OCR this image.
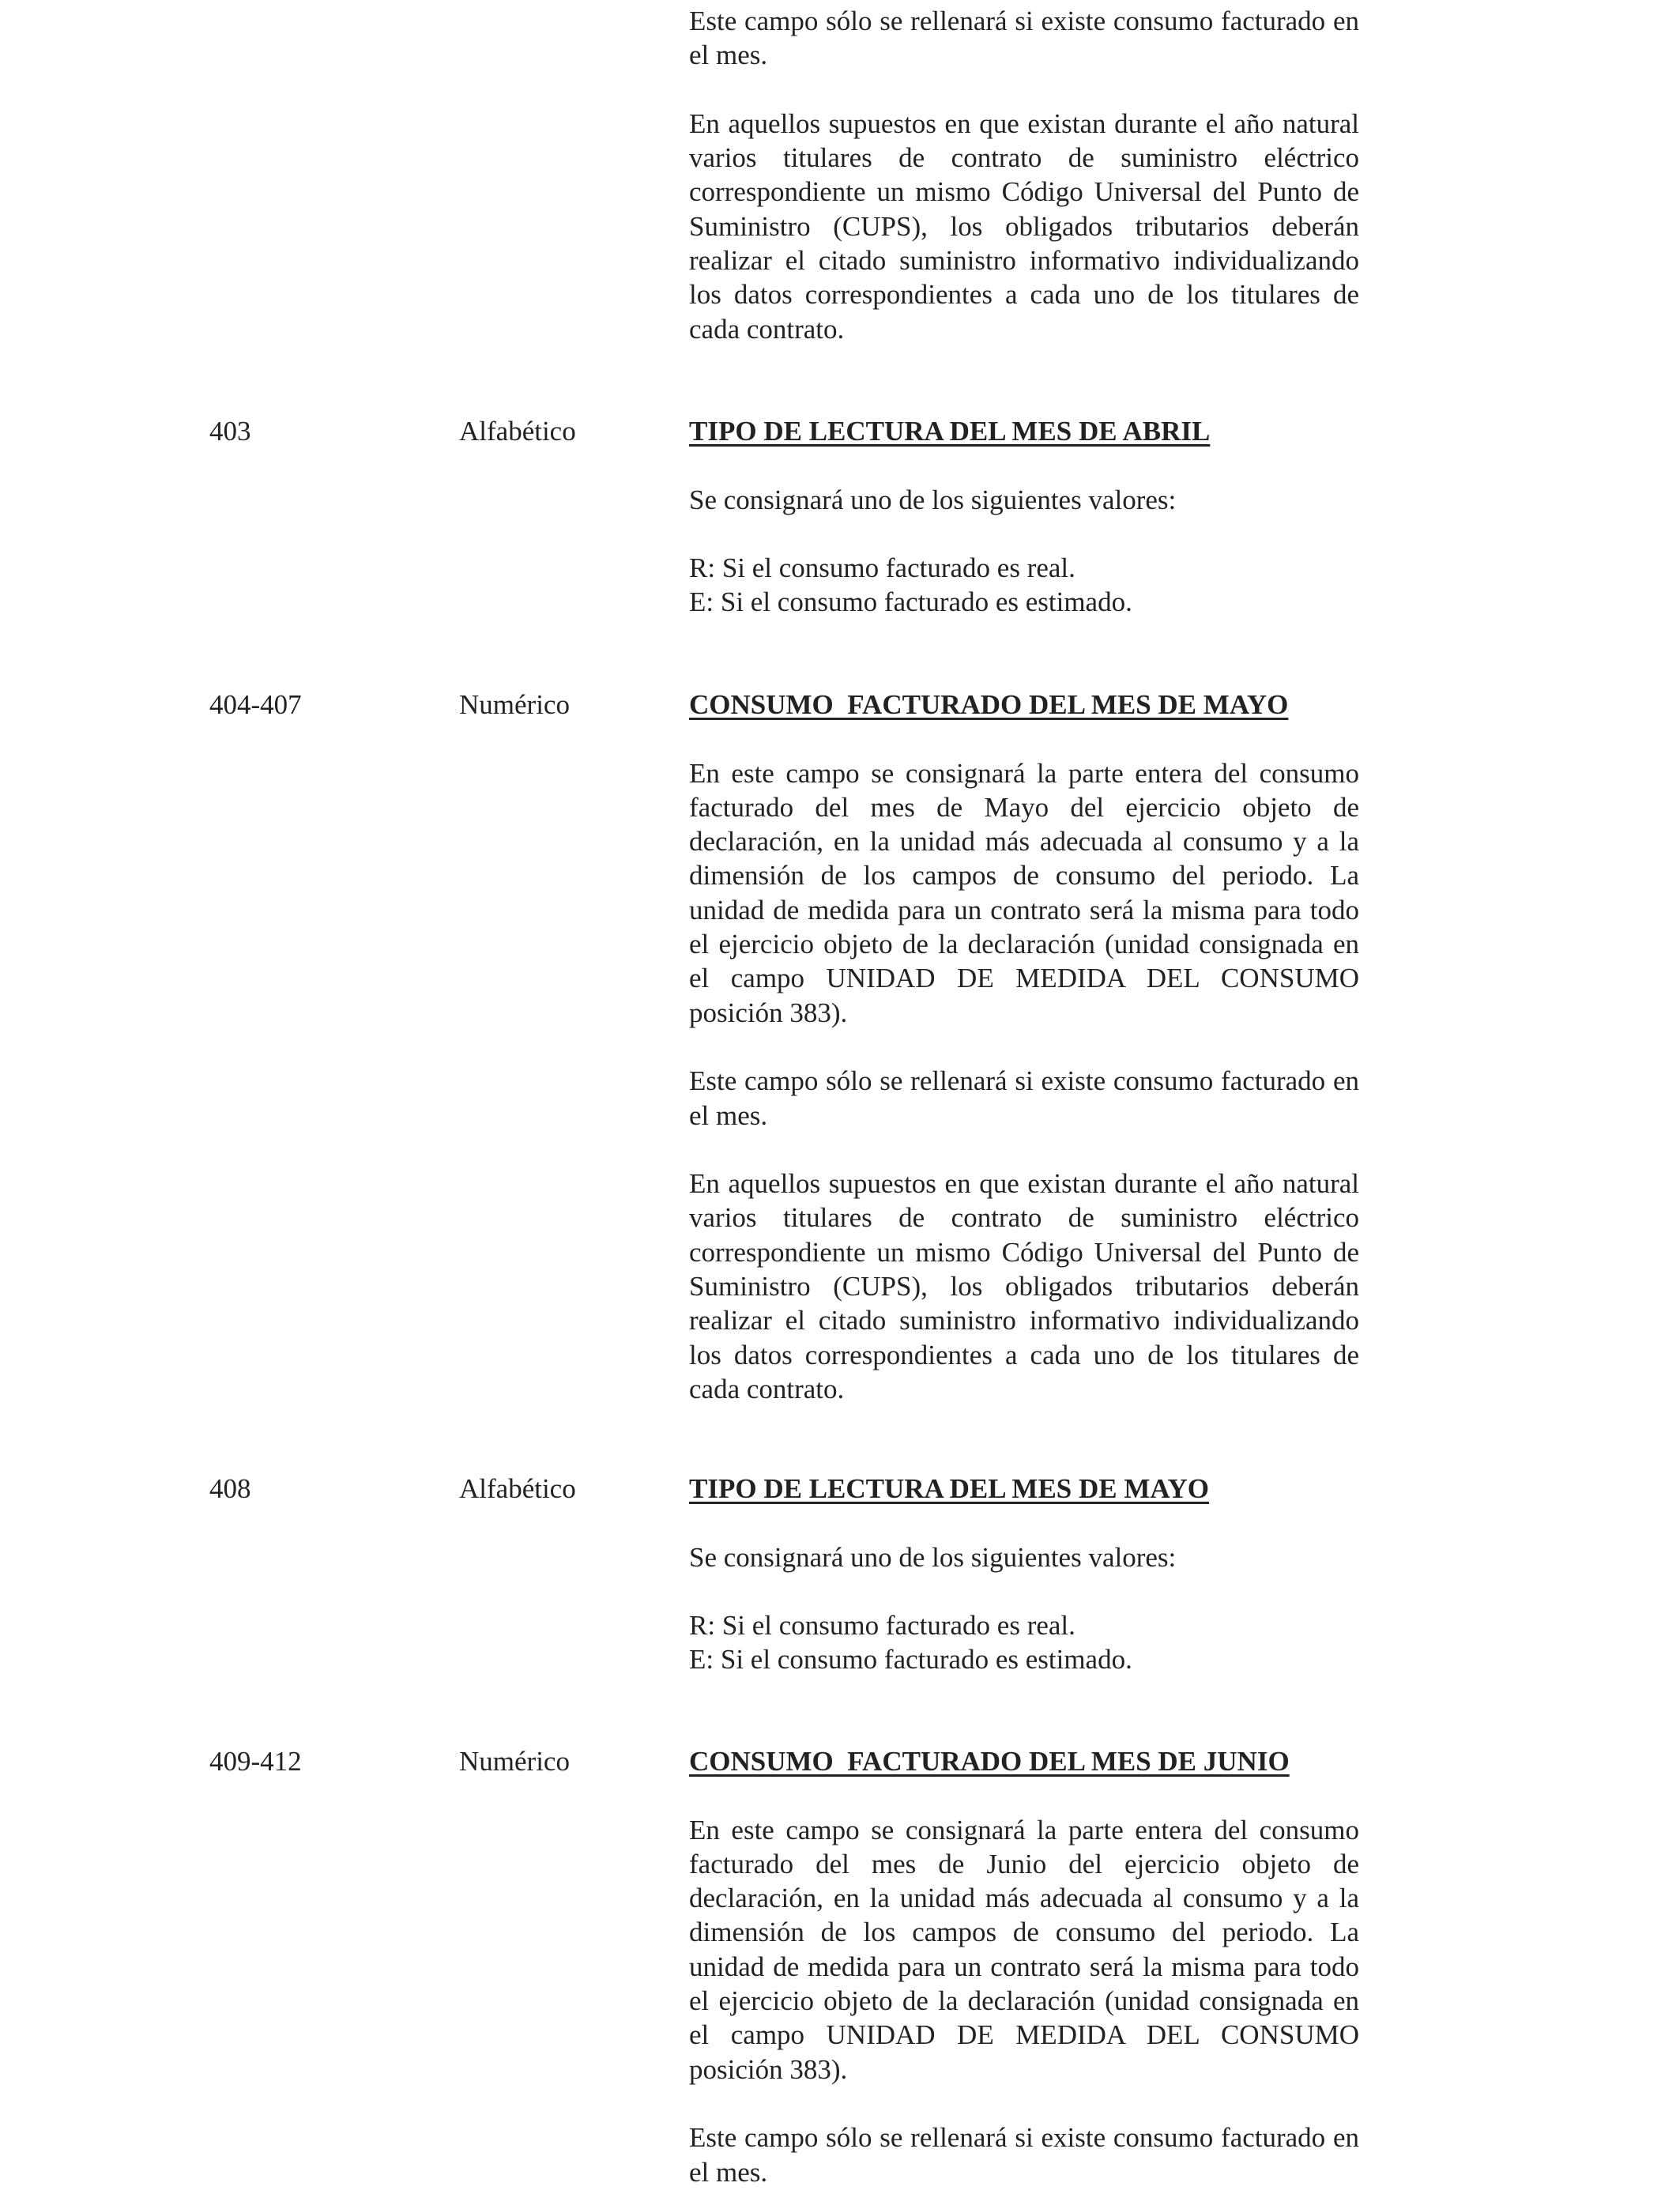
Este campo sólo se rellenará si existe consumo facturado en el mes.

En aquellos supuestos en que existan durante el año natural varios titulares de contrato de suministro eléctrico correspondiente un mismo Código Universal del Punto de Suministro (CUPS), los obligados tributarios deberán realizar el citado suministro informativo individualizando los datos correspondientes a cada uno de los titulares de cada contrato.

403	Alfabético	TIPO DE LECTURA DEL MES DE ABRIL

Se consignará uno de los siguientes valores:

R: Si el consumo facturado es real.
E: Si el consumo facturado es estimado.
404-407	Numérico	CONSUMO  FACTURADO DEL MES DE MAYO

En este campo se consignará la parte entera del consumo facturado del mes de Mayo del ejercicio objeto de declaración, en la unidad más adecuada al consumo y a la dimensión de los campos de consumo del periodo. La unidad de medida para un contrato será la misma para todo el ejercicio objeto de la declaración (unidad consignada en el campo UNIDAD DE MEDIDA DEL CONSUMO posición 383).

Este campo sólo se rellenará si existe consumo facturado en el mes.

En aquellos supuestos en que existan durante el año natural varios titulares de contrato de suministro eléctrico correspondiente un mismo Código Universal del Punto de Suministro (CUPS), los obligados tributarios deberán realizar el citado suministro informativo individualizando los datos correspondientes a cada uno de los titulares de cada contrato.

408	Alfabético	TIPO DE LECTURA DEL MES DE MAYO

Se consignará uno de los siguientes valores:

R: Si el consumo facturado es real.
E: Si el consumo facturado es estimado.
409-412	Numérico	CONSUMO  FACTURADO DEL MES DE JUNIO

En este campo se consignará la parte entera del consumo facturado del mes de Junio del ejercicio objeto de declaración, en la unidad más adecuada al consumo y a la dimensión de los campos de consumo del periodo. La unidad de medida para un contrato será la misma para todo el ejercicio objeto de la declaración (unidad consignada en el campo UNIDAD DE MEDIDA DEL CONSUMO posición 383).

Este campo sólo se rellenará si existe consumo facturado en el mes.
